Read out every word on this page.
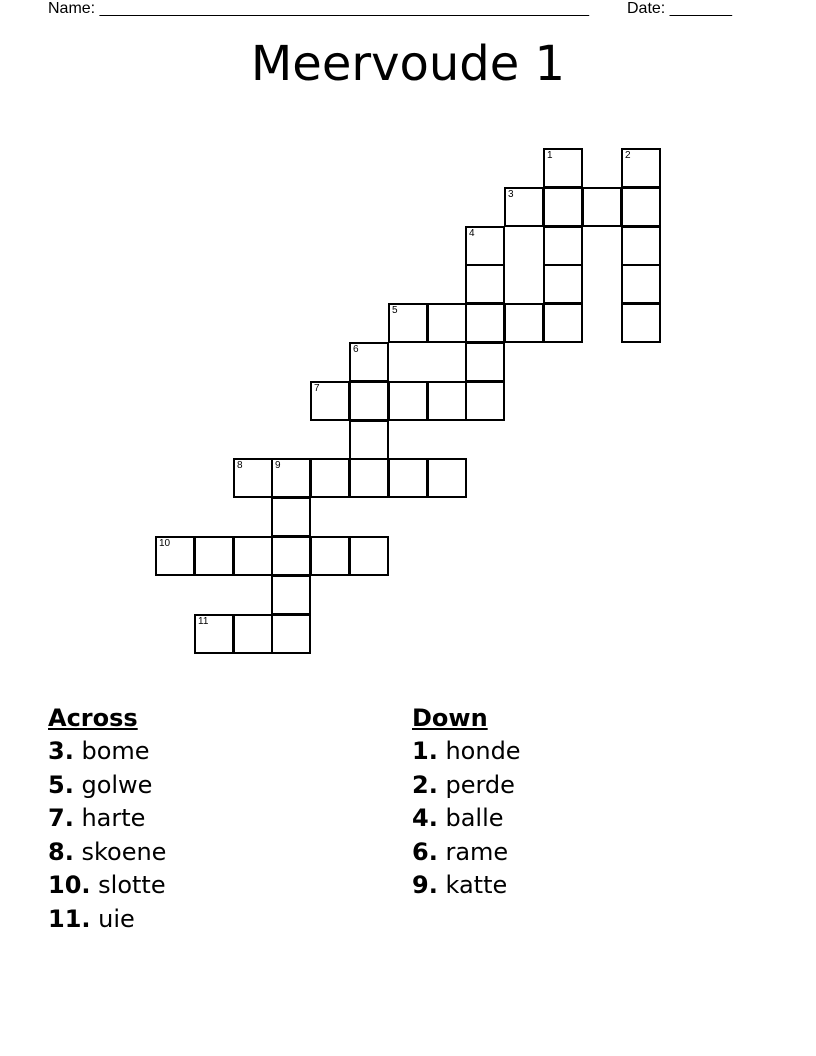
Name: _______________________________________________________ Date: _______
Meervoude 1
1	2
3
4
5
6
7
8	9
10
11
Across
3. bome
5. golwe
7. harte
8. skoene
10. slotte
11. uie
Down
1. honde
2. perde
4. balle
6. rame
9. katte
